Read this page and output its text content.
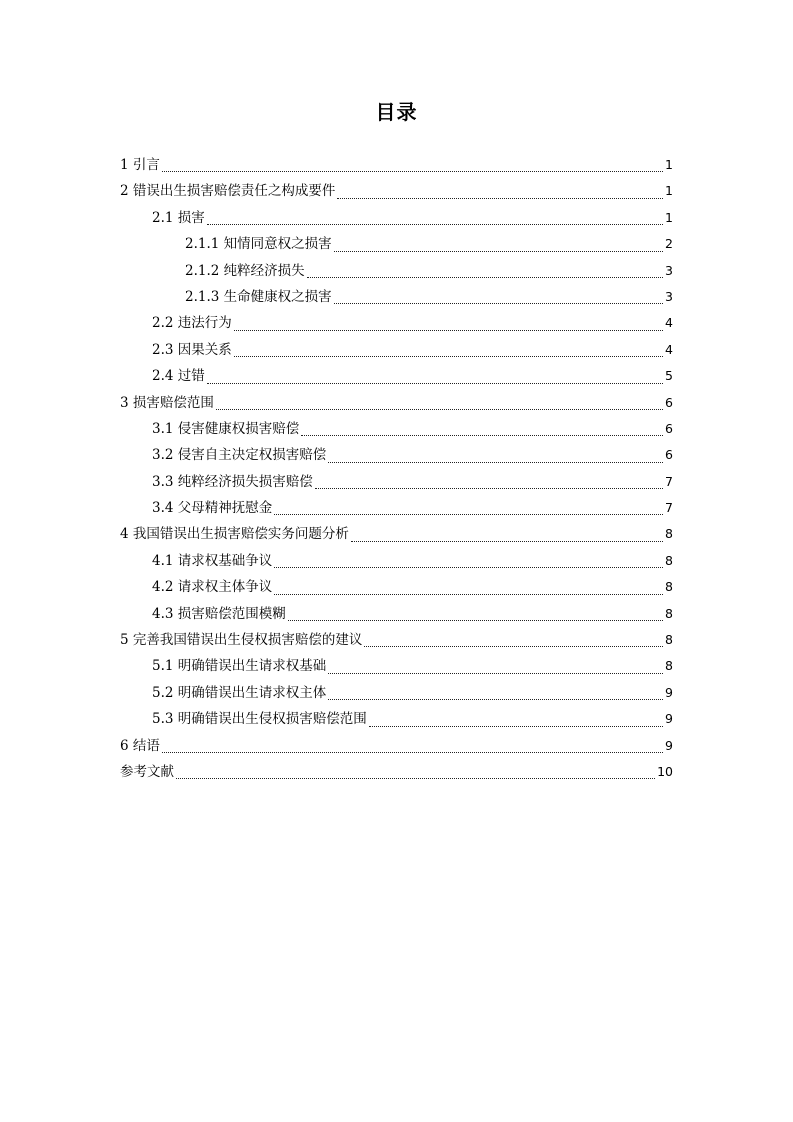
目录
1 引言	1
2 错误出生损害赔偿责任之构成要件	1
2.1 损害	1
2.1.1 知情同意权之损害	2
2.1.2 纯粹经济损失	3
2.1.3 生命健康权之损害	3
2.2 违法行为	4
2.3 因果关系	4
2.4 过错	5
3 损害赔偿范围	6
3.1 侵害健康权损害赔偿	6
3.2 侵害自主决定权损害赔偿	6
3.3 纯粹经济损失损害赔偿	7
3.4 父母精神抚慰金	7
4 我国错误出生损害赔偿实务问题分析	8
4.1 请求权基础争议	8
4.2 请求权主体争议	8
4.3 损害赔偿范围模糊	8
5 完善我国错误出生侵权损害赔偿的建议	8
5.1 明确错误出生请求权基础	8
5.2 明确错误出生请求权主体	9
5.3 明确错误出生侵权损害赔偿范围	9
6 结语	9
参考文献	10
